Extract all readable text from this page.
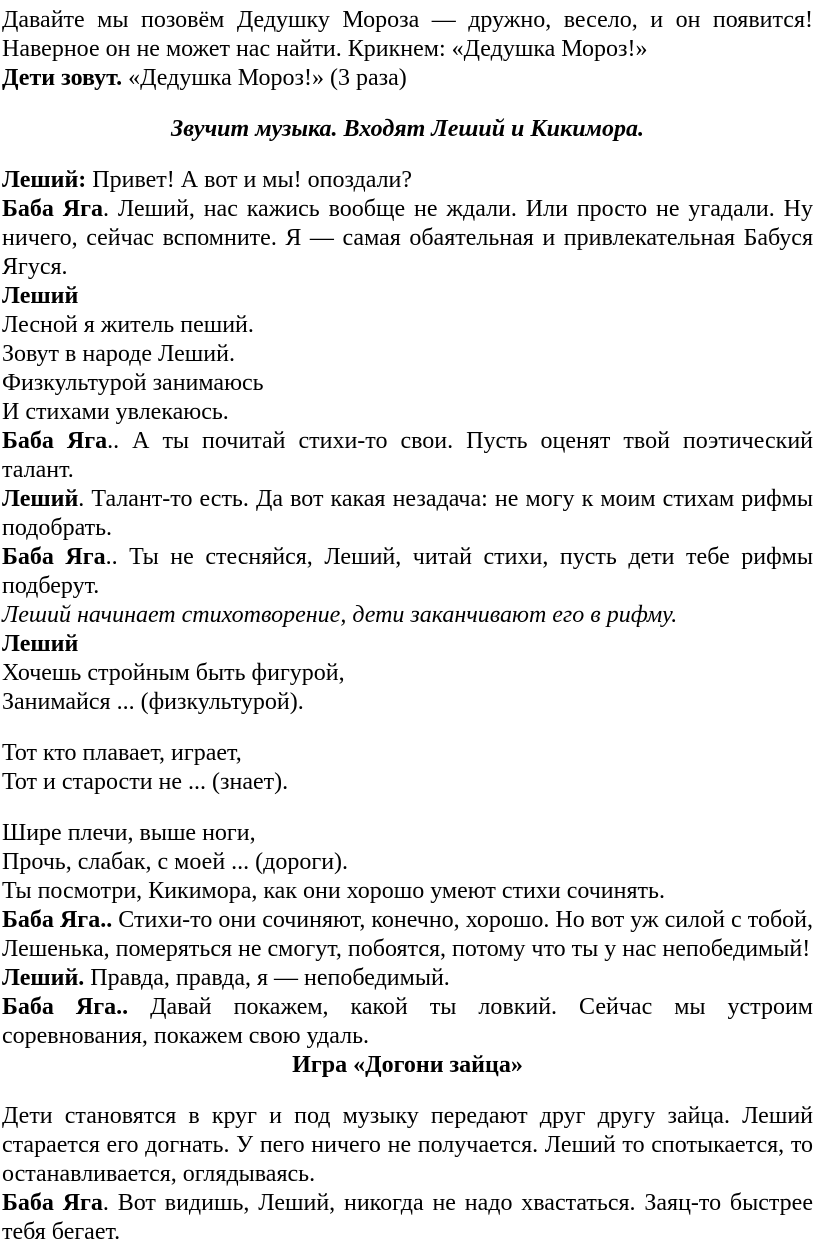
Давайте мы позовём Дедушку Мороза — дружно, весело, и он появится! Наверное он не может нас найти. Крикнем: «Дедушка Мороз!»

Дети зовут. «Дедушка Мороз!» (3 раза)

Звучит музыка. Входят Леший и Кикимора.

Леший: Привет! А вот и мы! опоздали?

Баба Яга. Леший, нас кажись вообще не ждали. Или просто не угадали. Ну ничего, сейчас вспомните. Я — самая обаятельная и привлекательная Бабуся Ягуся.

Леший

Лесной я житель пеший.

Зовут в народе Леший.

Физкультурой занимаюсь

И стихами увлекаюсь.

Баба Яга.. А ты почитай стихи-то свои. Пусть оценят твой поэтический талант.

Леший. Талант-то есть. Да вот какая незадача: не могу к моим стихам рифмы подобрать.

Баба Яга.. Ты не стесняйся, Леший, читай стихи, пусть дети тебе рифмы подберут.

Леший начинает стихотворение, дети заканчивают его в рифму.

Леший

Хочешь стройным быть фигурой,

Занимайся ... (физкультурой).

Тот кто плавает, играет,

Тот и старости не ... (знает).

Шире плечи, выше ноги,

Прочь, слабак, с моей ... (дороги).

Ты посмотри, Кикимора, как они хорошо умеют стихи сочинять.

Баба Яга.. Стихи-то они сочиняют, конечно, хорошо. Но вот уж силой с тобой, Лешенька, померяться не смогут, побоятся, потому что ты у нас непобедимый!

Леший. Правда, правда, я — непобедимый.

Баба Яга.. Давай покажем, какой ты ловкий. Сейчас мы устроим соревнования, покажем свою удаль.

Игра «Догони зайца»

Дети становятся в круг и под музыку передают друг другу зайца. Леший старается его догнать. У пего ничего не получается. Леший то спотыкается, то останавливается, оглядываясь.

Баба Яга. Вот видишь, Леший, никогда не надо хвастаться. Заяц-то быстрее тебя бегает.
